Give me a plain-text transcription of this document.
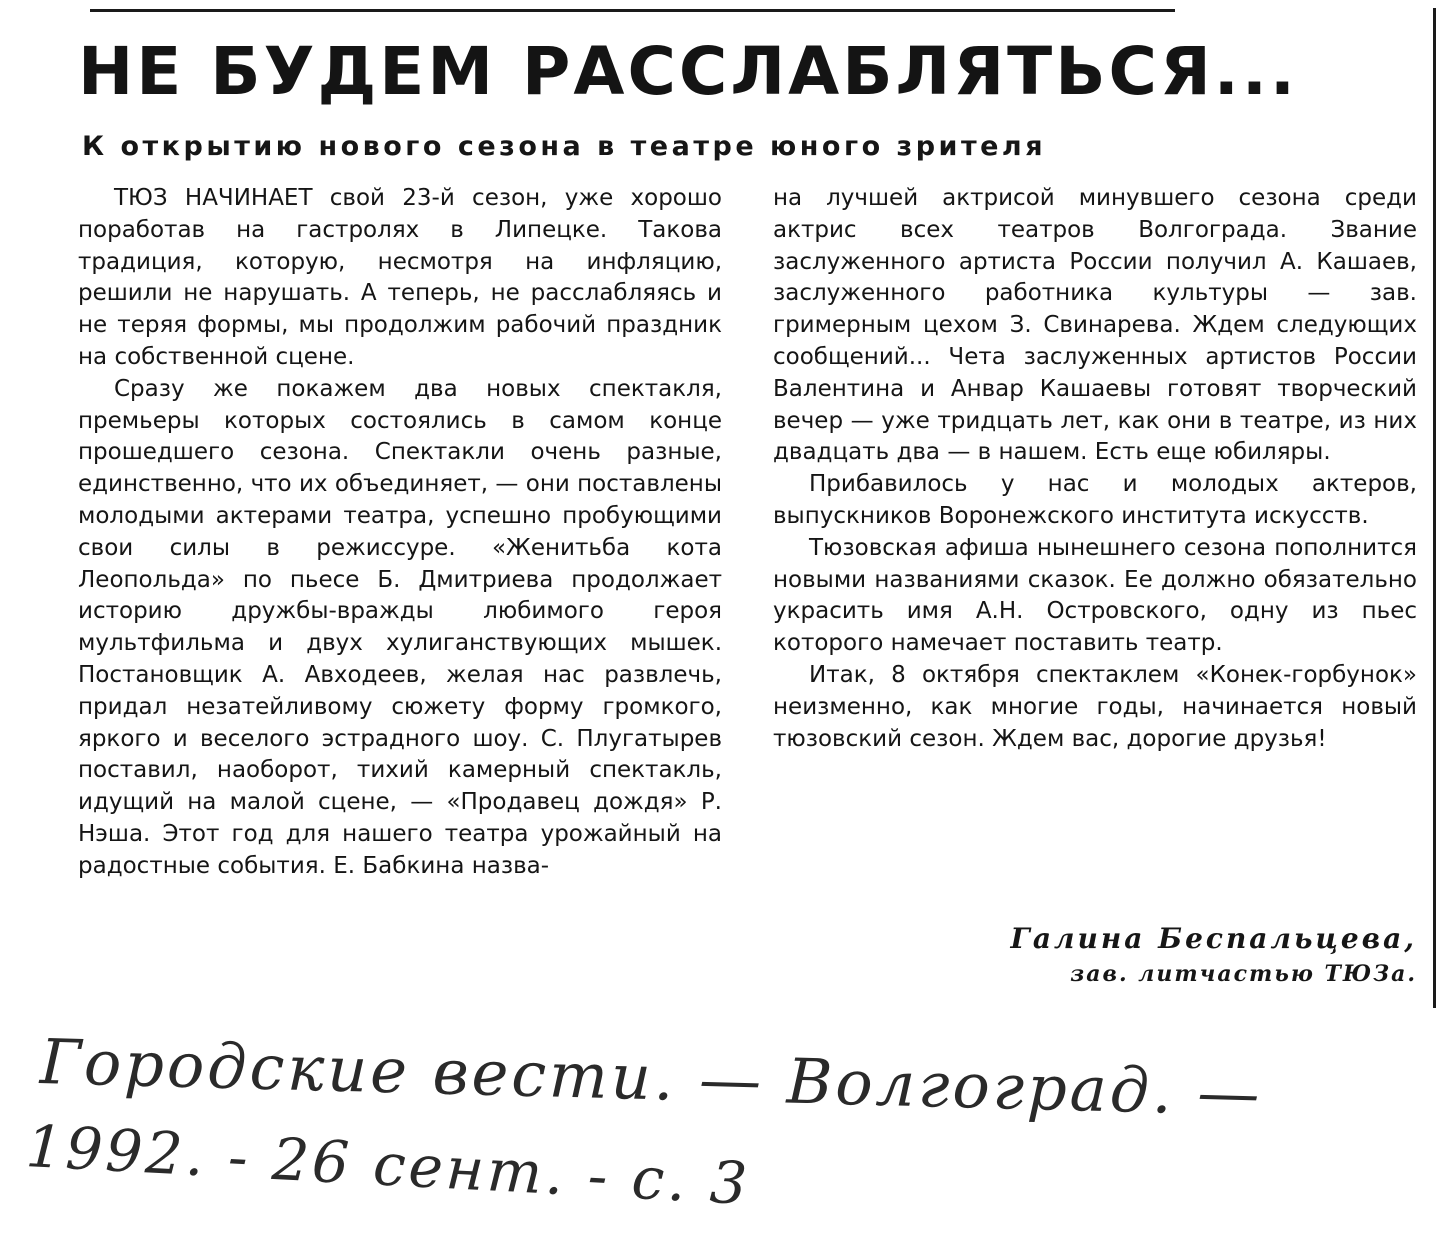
НЕ БУДЕМ РАССЛАБЛЯТЬСЯ...
К открытию нового сезона в театре юного зрителя

ТЮЗ НАЧИНАЕТ свой 23-й сезон, уже хорошо поработав на гастролях в Липецке. Такова традиция, которую, несмотря на инфляцию, решили не нарушать. А теперь, не расслабляясь и не теряя формы, мы продолжим рабочий праздник на собственной сцене.

Сразу же покажем два новых спектакля, премьеры которых состоялись в самом конце прошедшего сезона. Спектакли очень разные, единственно, что их объединяет, — они поставлены молодыми актерами театра, успешно пробующими свои силы в режиссуре. «Женитьба кота Леопольда» по пьесе Б. Дмитриева продолжает историю дружбы-вражды любимого героя мультфильма и двух хулиганствующих мышек. Постановщик А. Авходеев, желая нас развлечь, придал незатейливому сюжету форму громкого, яркого и веселого эстрадного шоу. С. Плугатырев поставил, наоборот, тихий камерный спектакль, идущий на малой сцене, — «Продавец дождя» Р. Нэша. Этот год для нашего театра урожайный на радостные события. Е. Бабкина назва-

на лучшей актрисой минувшего сезона среди актрис всех театров Волгограда. Звание заслуженного артиста России получил А. Кашаев, заслуженного работника культуры — зав. гримерным цехом З. Свинарева. Ждем следующих сообщений... Чета заслуженных артистов России Валентина и Анвар Кашаевы готовят творческий вечер — уже тридцать лет, как они в театре, из них двадцать два — в нашем. Есть еще юбиляры.

Прибавилось у нас и молодых актеров, выпускников Воронежского института искусств.

Тюзовская афиша нынешнего сезона пополнится новыми названиями сказок. Ее должно обязательно украсить имя А.Н. Островского, одну из пьес которого намечает поставить театр.

Итак, 8 октября спектаклем «Конек-горбунок» неизменно, как многие годы, начинается новый тюзовский сезон. Ждем вас, дорогие друзья!

Галина Беспальцева,
зав. литчастью ТЮЗа.
Городские вести. — Волгоград. —
1992. - 26 сент. - с. 3
